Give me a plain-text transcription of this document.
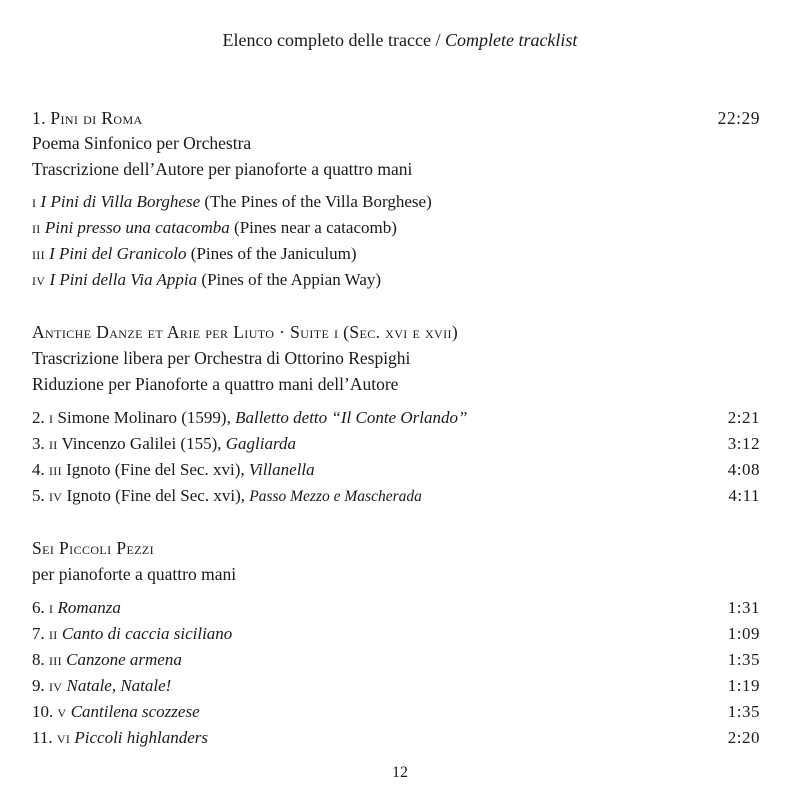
Elenco completo delle tracce / Complete tracklist
1. Pini di Roma	22:29
Poema Sinfonico per Orchestra
Trascrizione dell’Autore per pianoforte a quattro mani
i I Pini di Villa Borghese (The Pines of the Villa Borghese)
ii Pini presso una catacomba (Pines near a catacomb)
iii I Pini del Granicolo (Pines of the Janiculum)
iv I Pini della Via Appia (Pines of the Appian Way)
Antiche Danze et Arie per Liuto · Suite i (Sec. xvi e xvii)
Trascrizione libera per Orchestra di Ottorino Respighi
Riduzione per Pianoforte a quattro mani dell’Autore
2. i Simone Molinaro (1599), Balletto detto “Il Conte Orlando”	2:21
3. ii Vincenzo Galilei (155), Gagliarda	3:12
4. iii Ignoto (Fine del Sec. xvi), Villanella	4:08
5. iv Ignoto (Fine del Sec. xvi), Passo Mezzo e Mascherada	4:11
Sei Piccoli Pezzi
per pianoforte a quattro mani
6. i Romanza	1:31
7. ii Canto di caccia siciliano	1:09
8. iii Canzone armena	1:35
9. iv Natale, Natale!	1:19
10. v Cantilena scozzese	1:35
11. vi Piccoli highlanders	2:20
12
